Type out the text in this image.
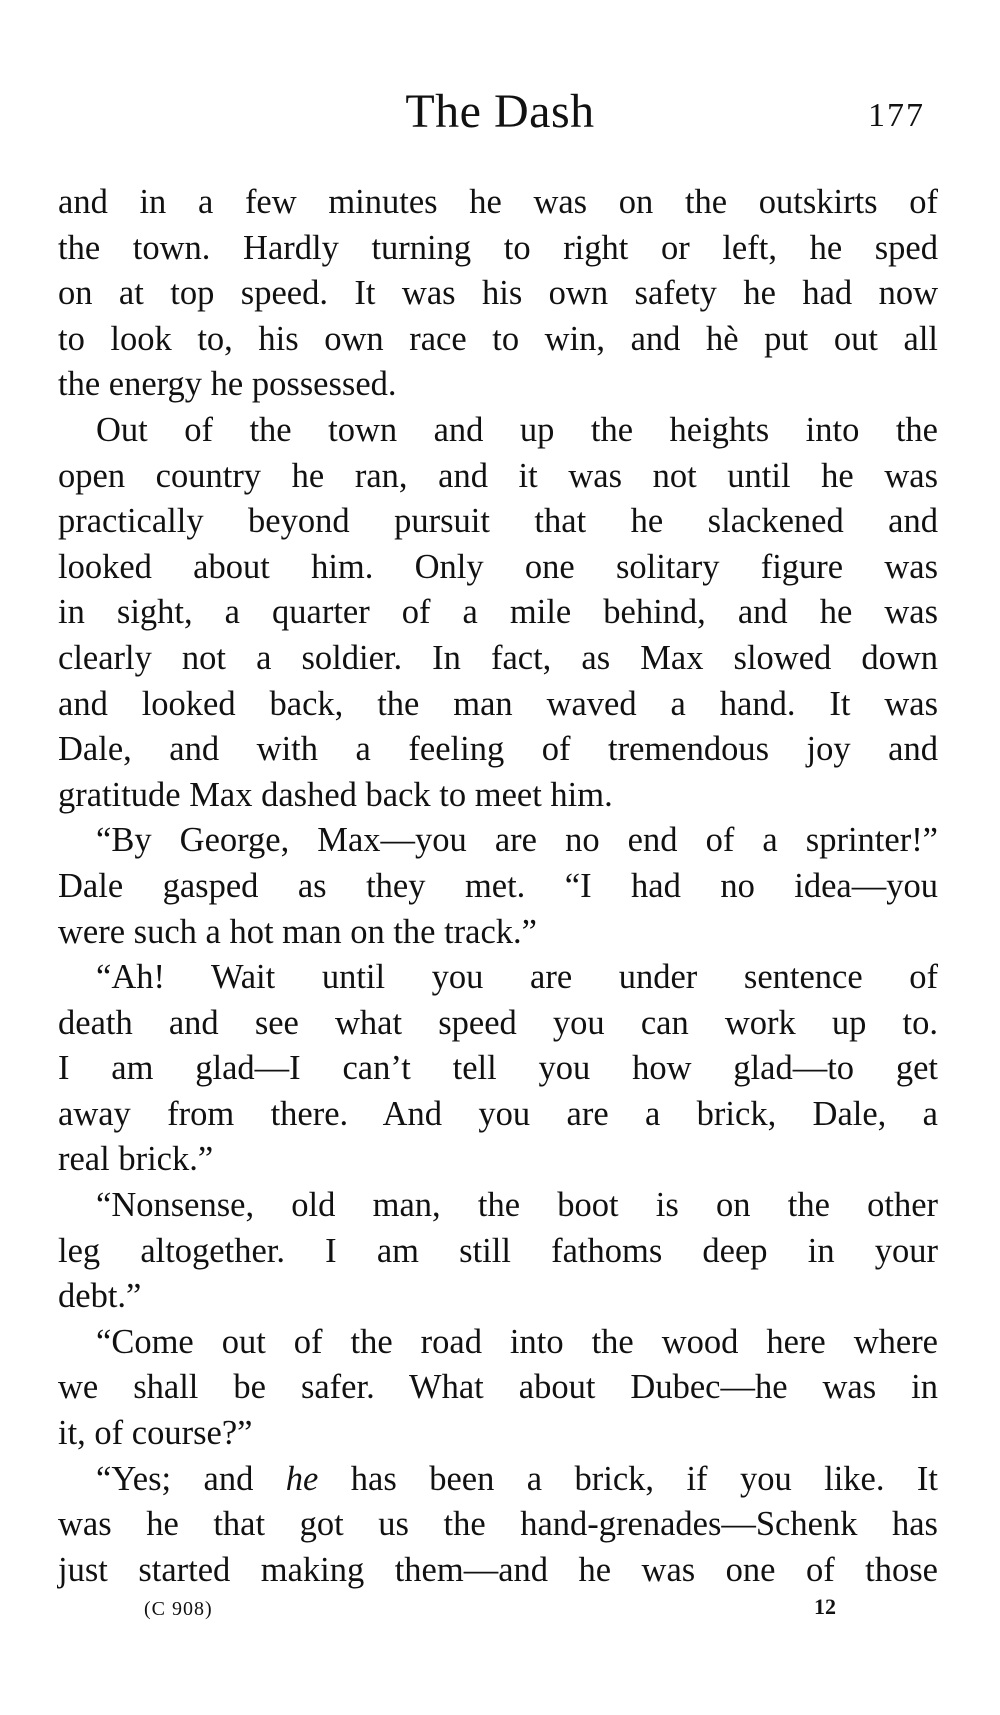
The Dash	177

and in a few minutes he was on the outskirts of
the town. Hardly turning to right or left, he sped
on at top speed. It was his own safety he had now
to look to, his own race to win, and hè put out all
the energy he possessed.

Out of the town and up the heights into the
open country he ran, and it was not until he was
practically beyond pursuit that he slackened and
looked about him. Only one solitary figure was
in sight, a quarter of a mile behind, and he was
clearly not a soldier. In fact, as Max slowed down
and looked back, the man waved a hand. It was
Dale, and with a feeling of tremendous joy and
gratitude Max dashed back to meet him.

“By George, Max—you are no end of a sprinter!”
Dale gasped as they met. “I had no idea—you
were such a hot man on the track.”

“Ah! Wait until you are under sentence of
death and see what speed you can work up to.
I am glad—I can’t tell you how glad—to get
away from there. And you are a brick, Dale, a
real brick.”

“Nonsense, old man, the boot is on the other
leg altogether. I am still fathoms deep in your
debt.”

“Come out of the road into the wood here where
we shall be safer. What about Dubec—he was in
it, of course?”

“Yes; and he has been a brick, if you like. It
was he that got us the hand-grenades—Schenk has
just started making them—and he was one of those

(C 908)	12
